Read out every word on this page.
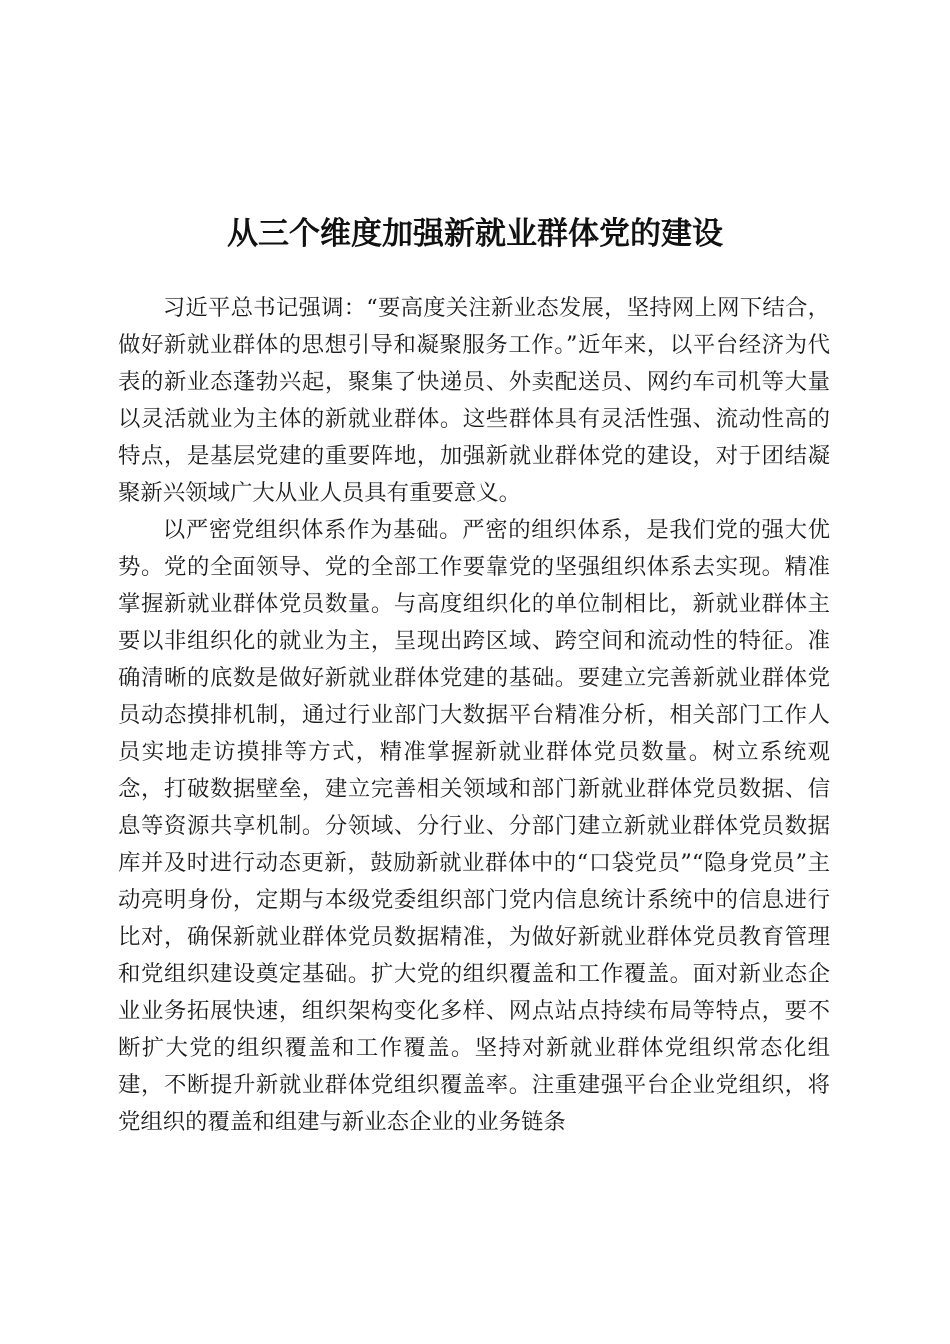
从三个维度加强新就业群体党的建设

习近平总书记强调：“要高度关注新业态发展，坚持网上网下结合，做好新就业群体的思想引导和凝聚服务工作。”近年来，以平台经济为代表的新业态蓬勃兴起，聚集了快递员、外卖配送员、网约车司机等大量以灵活就业为主体的新就业群体。这些群体具有灵活性强、流动性高的特点，是基层党建的重要阵地，加强新就业群体党的建设，对于团结凝聚新兴领域广大从业人员具有重要意义。

以严密党组织体系作为基础。严密的组织体系，是我们党的强大优势。党的全面领导、党的全部工作要靠党的坚强组织体系去实现。精准掌握新就业群体党员数量。与高度组织化的单位制相比，新就业群体主要以非组织化的就业为主，呈现出跨区域、跨空间和流动性的特征。准确清晰的底数是做好新就业群体党建的基础。要建立完善新就业群体党员动态摸排机制，通过行业部门大数据平台精准分析，相关部门工作人员实地走访摸排等方式，精准掌握新就业群体党员数量。树立系统观念，打破数据壁垒，建立完善相关领域和部门新就业群体党员数据、信息等资源共享机制。分领域、分行业、分部门建立新就业群体党员数据库并及时进行动态更新，鼓励新就业群体中的“口袋党员”“隐身党员”主动亮明身份，定期与本级党委组织部门党内信息统计系统中的信息进行比对，确保新就业群体党员数据精准，为做好新就业群体党员教育管理和党组织建设奠定基础。扩大党的组织覆盖和工作覆盖。面对新业态企业业务拓展快速，组织架构变化多样、网点站点持续布局等特点，要不断扩大党的组织覆盖和工作覆盖。坚持对新就业群体党组织常态化组建，不断提升新就业群体党组织覆盖率。注重建强平台企业党组织，将党组织的覆盖和组建与新业态企业的业务链条
